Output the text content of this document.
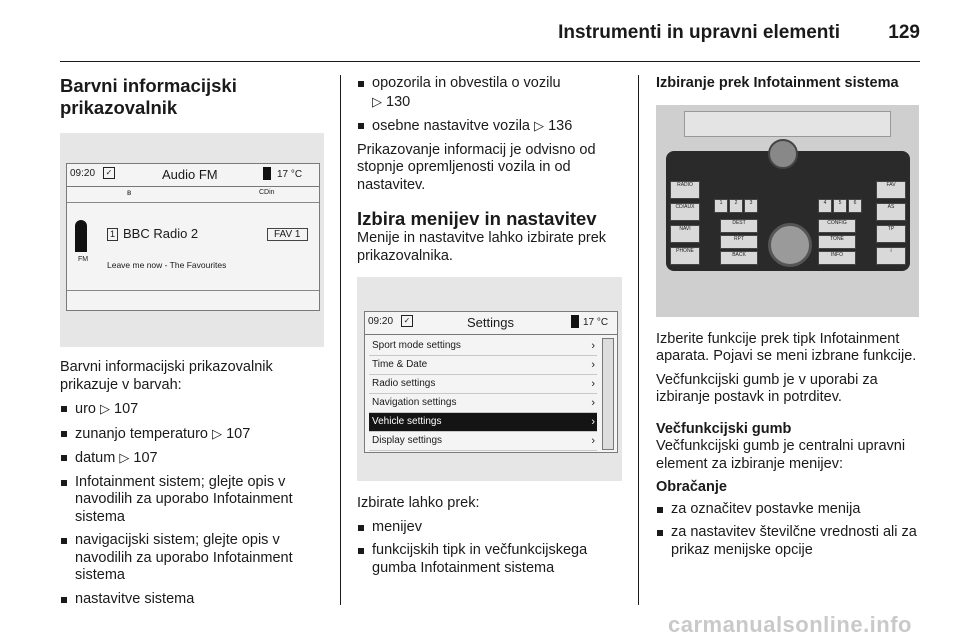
Instrumenti in upravni elementi	129

Barvni informacijski prikazovalnik

09:20	✓	Audio FM	17 °C
CDin
ʙ
1 BBC Radio 2	FAV 1
FM
Leave me now - The Favourites

Barvni informacijski prikazovalnik prikazuje v barvah:

uro ▷ 107
zunanjo temperaturo ▷ 107
datum ▷ 107
Infotainment sistem; glejte opis v navodilih za uporabo Infotainment sistema
navigacijski sistem; glejte opis v navodilih za uporabo Infotainment sistema
nastavitve sistema
opozorila in obvestila o vozilu
▷ 130
osebne nastavitve vozila ▷ 136

Prikazovanje informacij je odvisno od stopnje opremljenosti vozila in od nastavitev.

Izbira menijev in nastavitev

Menije in nastavitve lahko izbirate prek prikazovalnika.

09:20	✓	Settings	17 °C
Sport mode settings	›
Time & Date	›
Radio settings	›
Navigation settings	›
Vehicle settings	›
Display settings	›

Izbirate lahko prek:

menijev
funkcijskih tipk in večfunkcijskega gumba Infotainment sistema

Izbiranje prek Infotainment sistema

RADIO
CD/AUX
NAVI
PHONE
FAV
AS
TP
i
1	2	3	4	5	6
DEST
RPT
BACK
CONFIG
TONE
INFO

Izberite funkcije prek tipk Infotainment aparata. Pojavi se meni izbrane funkcije.

Večfunkcijski gumb je v uporabi za izbiranje postavk in potrditev.

Večfunkcijski gumb

Večfunkcijski gumb je centralni upravni element za izbiranje menijev:

Obračanje

za označitev postavke menija
za nastavitev številčne vrednosti ali za prikaz menijske opcije
carmanualsonline.info
